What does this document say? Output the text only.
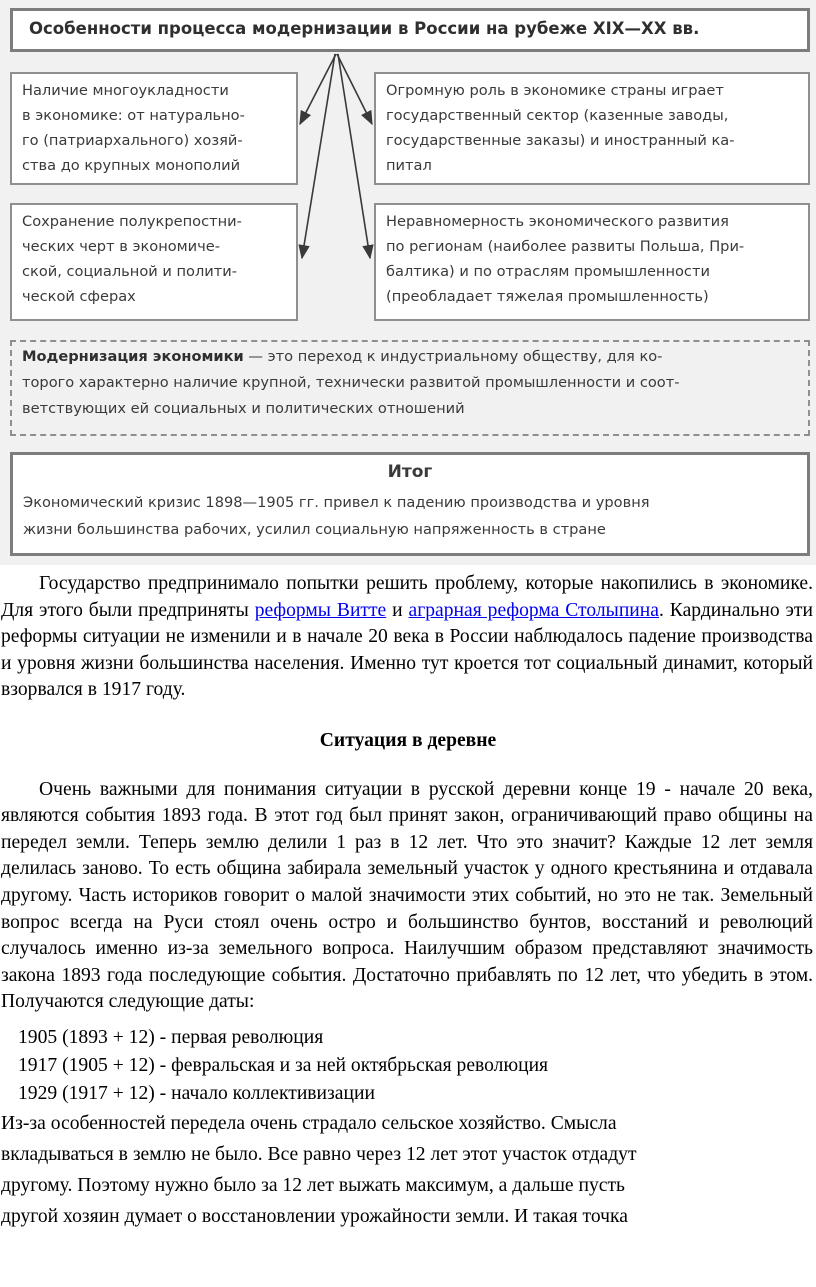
Особенности процесса модернизации в России на рубеже XIX—XX вв.
Наличие многоукладности
в экономике: от натурально-
го (патриархального) хозяй-
ства до крупных монополий
Огромную роль в экономике страны играет
государственный сектор (казенные заводы,
государственные заказы) и иностранный ка-
питал
Сохранение полукрепостни-
ческих черт в экономиче-
ской, социальной и полити-
ческой сферах
Неравномерность экономического развития
по регионам (наиболее развиты Польша, При-
балтика) и по отраслям промышленности
(преобладает тяжелая промышленность)
Модернизация экономики — это переход к индустриальному обществу, для ко-
торого характерно наличие крупной, технически развитой промышленности и соот-
ветствующих ей социальных и политических отношений
Итог
Экономический кризис 1898—1905 гг. привел к падению производства и уровня
жизни большинства рабочих, усилил социальную напряженность в стране

Государство предпринимало попытки решить проблему, которые накопились в экономике. Для этого были предприняты реформы Витте и аграрная реформа Столыпина. Кардинально эти реформы ситуации не изменили и в начале 20 века в России наблюдалось падение производства и уровня жизни большинства населения. Именно тут кроется тот социальный динамит, который взорвался в 1917 году.

Ситуация в деревне

Очень важными для понимания ситуации в русской деревни конце 19 - начале 20 века, являются события 1893 года. В этот год был принят закон, ограничивающий право общины на передел земли. Теперь землю делили 1 раз в 12 лет. Что это значит? Каждые 12 лет земля делилась заново. То есть община забирала земельный участок у одного крестьянина и отдавала другому. Часть историков говорит о малой значимости этих событий, но это не так. Земельный вопрос всегда на Руси стоял очень остро и большинство бунтов, восстаний и революций случалось именно из-за земельного вопроса. Наилучшим образом представляют значимость закона 1893 года последующие события. Достаточно прибавлять по 12 лет, что убедить в этом. Получаются следующие даты:

1905 (1893 + 12) - первая революция

1917 (1905 + 12) - февральская и за ней октябрьская революция

1929 (1917 + 12) - начало коллективизации

Из-за особенностей передела очень страдало сельское хозяйство. Смысла

вкладываться в землю не было. Все равно через 12 лет этот участок отдадут

другому. Поэтому нужно было за 12 лет выжать максимум, а дальше пусть

другой хозяин думает о восстановлении урожайности земли. И такая точка
